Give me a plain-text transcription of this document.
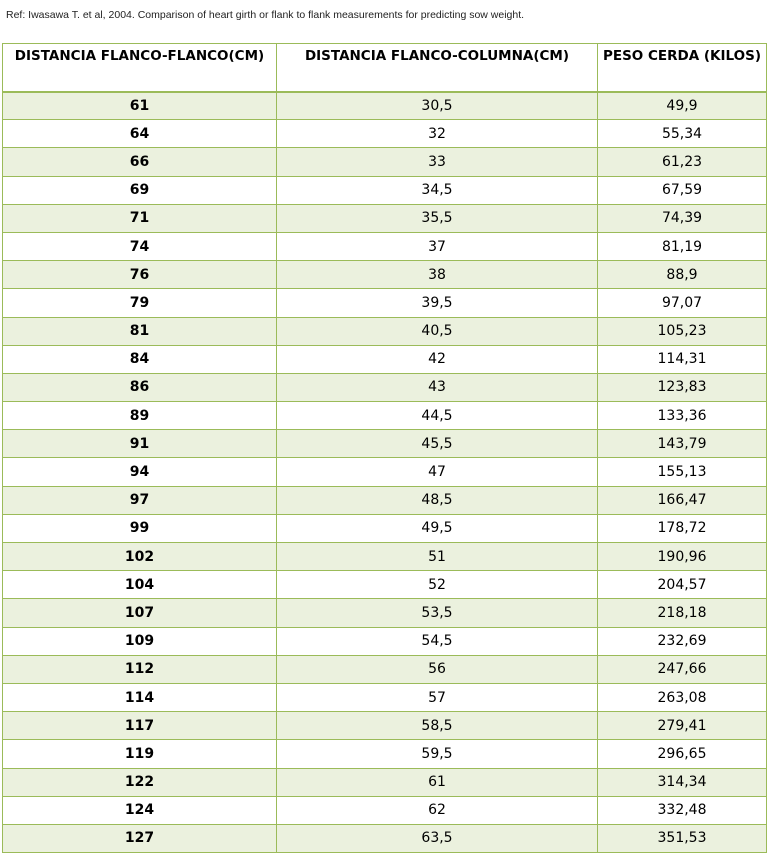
Ref: Iwasawa T. et al, 2004. Comparison of heart girth or flank to flank measurements for predicting sow weight.
DISTANCIA FLANCO-FLANCO(CM)	DISTANCIA FLANCO-COLUMNA(CM)	PESO CERDA (KILOS)
61	30,5	49,9
64	32	55,34
66	33	61,23
69	34,5	67,59
71	35,5	74,39
74	37	81,19
76	38	88,9
79	39,5	97,07
81	40,5	105,23
84	42	114,31
86	43	123,83
89	44,5	133,36
91	45,5	143,79
94	47	155,13
97	48,5	166,47
99	49,5	178,72
102	51	190,96
104	52	204,57
107	53,5	218,18
109	54,5	232,69
112	56	247,66
114	57	263,08
117	58,5	279,41
119	59,5	296,65
122	61	314,34
124	62	332,48
127	63,5	351,53
